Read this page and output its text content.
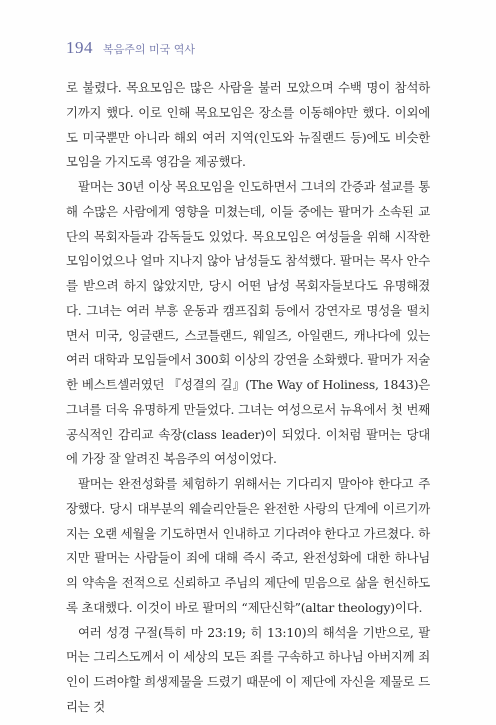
194 복음주의 미국 역사

로 불렸다. 목요모임은 많은 사람을 불러 모았으며 수백 명이 참석하기까지 했다. 이로 인해 목요모임은 장소를 이동해야만 했다. 이외에도 미국뿐만 아니라 해외 여러 지역(인도와 뉴질랜드 등)에도 비슷한 모임을 가지도록 영감을 제공했다.

팔머는 30년 이상 목요모임을 인도하면서 그녀의 간증과 설교를 통해 수많은 사람에게 영향을 미쳤는데, 이들 중에는 팔머가 소속된 교단의 목회자들과 감독들도 있었다. 목요모임은 여성들을 위해 시작한 모임이었으나 얼마 지나지 않아 남성들도 참석했다. 팔머는 목사 안수를 받으려 하지 않았지만, 당시 어떤 남성 목회자들보다도 유명해졌다. 그녀는 여러 부흥 운동과 캠프집회 등에서 강연자로 명성을 떨치면서 미국, 잉글랜드, 스코틀랜드, 웨일즈, 아일랜드, 캐나다에 있는 여러 대학과 모임들에서 300회 이상의 강연을 소화했다. 팔머가 저술한 베스트셀러였던 『성결의 길』(The Way of Holiness, 1843)은 그녀를 더욱 유명하게 만들었다. 그녀는 여성으로서 뉴욕에서 첫 번째 공식적인 감리교 속장(class leader)이 되었다. 이처럼 팔머는 당대에 가장 잘 알려진 복음주의 여성이었다.

팔머는 완전성화를 체험하기 위해서는 기다리지 말아야 한다고 주장했다. 당시 대부분의 웨슬리안들은 완전한 사랑의 단계에 이르기까지는 오랜 세월을 기도하면서 인내하고 기다려야 한다고 가르쳤다. 하지만 팔머는 사람들이 죄에 대해 즉시 죽고, 완전성화에 대한 하나님의 약속을 전적으로 신뢰하고 주님의 제단에 믿음으로 삶을 헌신하도록 초대했다. 이것이 바로 팔머의 “제단신학”(altar theology)이다.

여러 성경 구절(특히 마 23:19; 히 13:10)의 해석을 기반으로, 팔머는 그리스도께서 이 세상의 모든 죄를 구속하고 하나님 아버지께 죄인이 드려야할 희생제물을 드렸기 때문에 이 제단에 자신을 제물로 드리는 것
